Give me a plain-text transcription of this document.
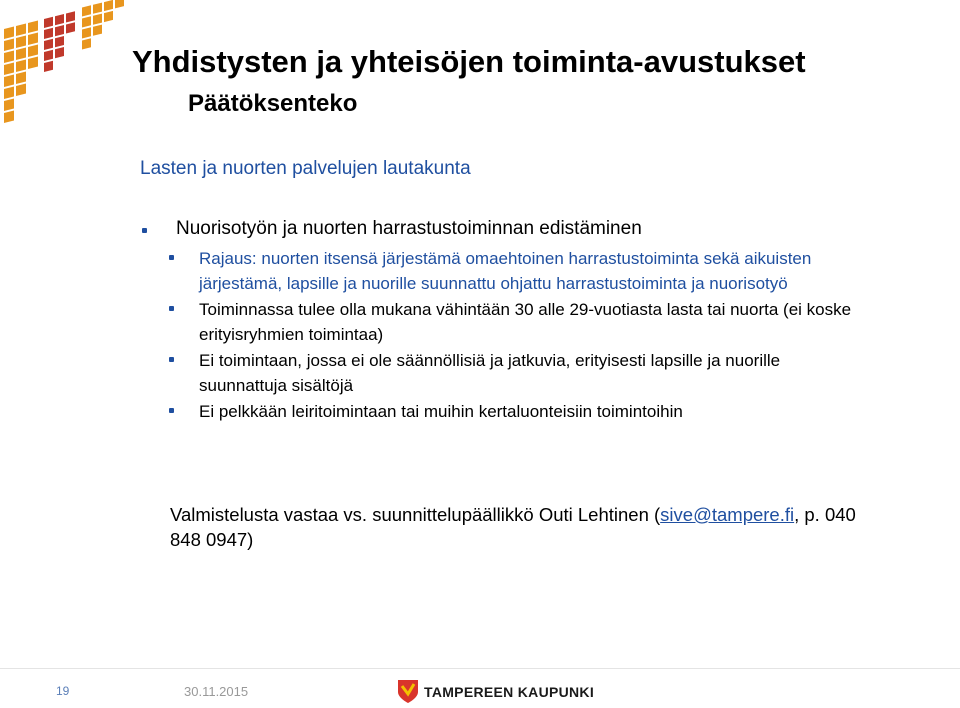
Yhdistysten ja yhteisöjen toiminta-avustukset
Päätöksenteko
Lasten ja nuorten palvelujen lautakunta
Nuorisotyön ja nuorten harrastustoiminnan edistäminen
Rajaus: nuorten itsensä järjestämä omaehtoinen harrastustoiminta sekä aikuisten järjestämä, lapsille ja nuorille suunnattu ohjattu harrastustoiminta ja nuorisotyö
Toiminnassa tulee olla mukana vähintään 30 alle 29-vuotiasta lasta tai nuorta (ei koske erityisryhmien toimintaa)
Ei toimintaan, jossa ei ole säännöllisiä ja jatkuvia, erityisesti lapsille ja nuorille suunnattuja sisältöjä
Ei pelkkään leiritoimintaan tai muihin kertaluonteisiin toimintoihin
Valmistelusta vastaa vs. suunnittelupäällikkö Outi Lehtinen (sive@tampere.fi, p. 040 848 0947)
19	30.11.2015	TAMPEREEN KAUPUNKI
